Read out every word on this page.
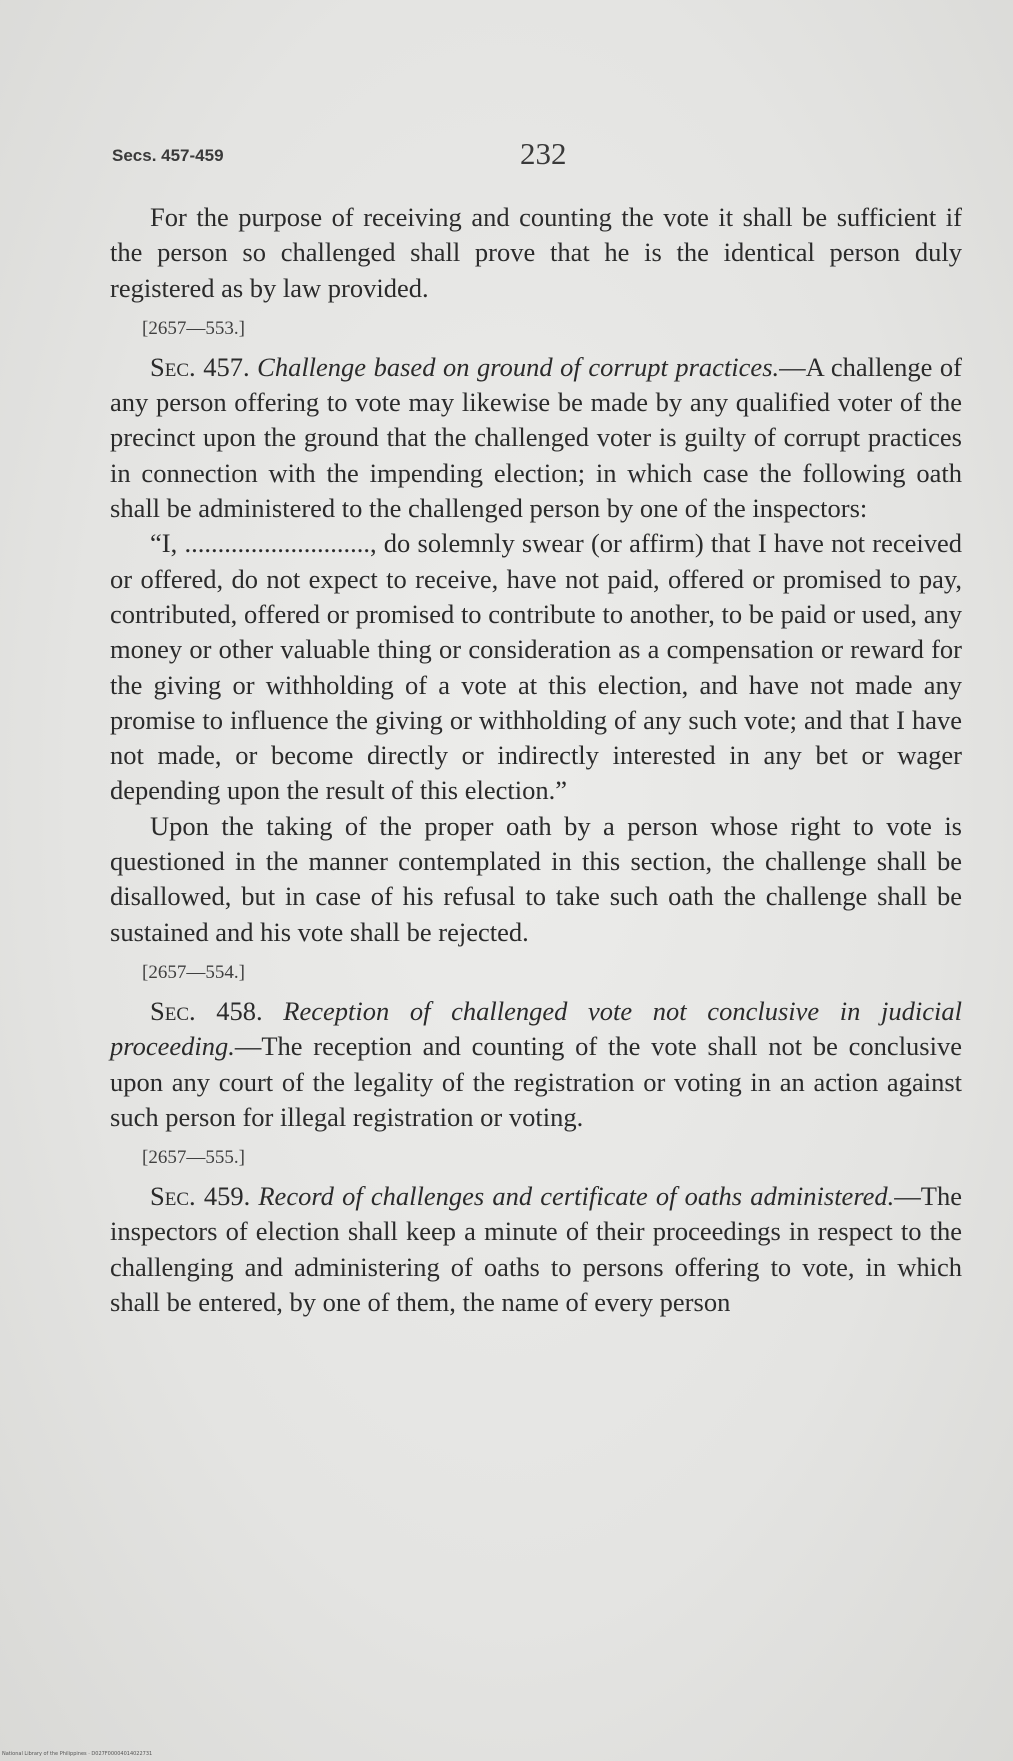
Secs. 457-459	232

For the purpose of receiving and counting the vote it shall be sufficient if the person so challenged shall prove that he is the identical person duly registered as by law provided.

[2657—553.]

Sec. 457. Challenge based on ground of corrupt practices.—A challenge of any person offering to vote may likewise be made by any qualified voter of the precinct upon the ground that the challenged voter is guilty of corrupt practices in connection with the impending election; in which case the following oath shall be administered to the challenged person by one of the inspectors:

“I, ............................, do solemnly swear (or affirm) that I have not received or offered, do not expect to receive, have not paid, offered or promised to pay, contributed, offered or promised to contribute to another, to be paid or used, any money or other valuable thing or consideration as a compensation or reward for the giving or withholding of a vote at this election, and have not made any promise to influence the giving or withholding of any such vote; and that I have not made, or become directly or indirectly interested in any bet or wager depending upon the result of this election.”

Upon the taking of the proper oath by a person whose right to vote is questioned in the manner contemplated in this section, the challenge shall be disallowed, but in case of his refusal to take such oath the challenge shall be sustained and his vote shall be rejected.

[2657—554.]

Sec. 458. Reception of challenged vote not conclusive in judicial proceeding.—The reception and counting of the vote shall not be conclusive upon any court of the legality of the registration or voting in an action against such person for illegal registration or voting.

[2657—555.]

Sec. 459. Record of challenges and certificate of oaths administered.—The inspectors of election shall keep a minute of their proceedings in respect to the challenging and administering of oaths to persons offering to vote, in which shall be entered, by one of them, the name of every person

National Library of the Philippines · D027F00004014022731
